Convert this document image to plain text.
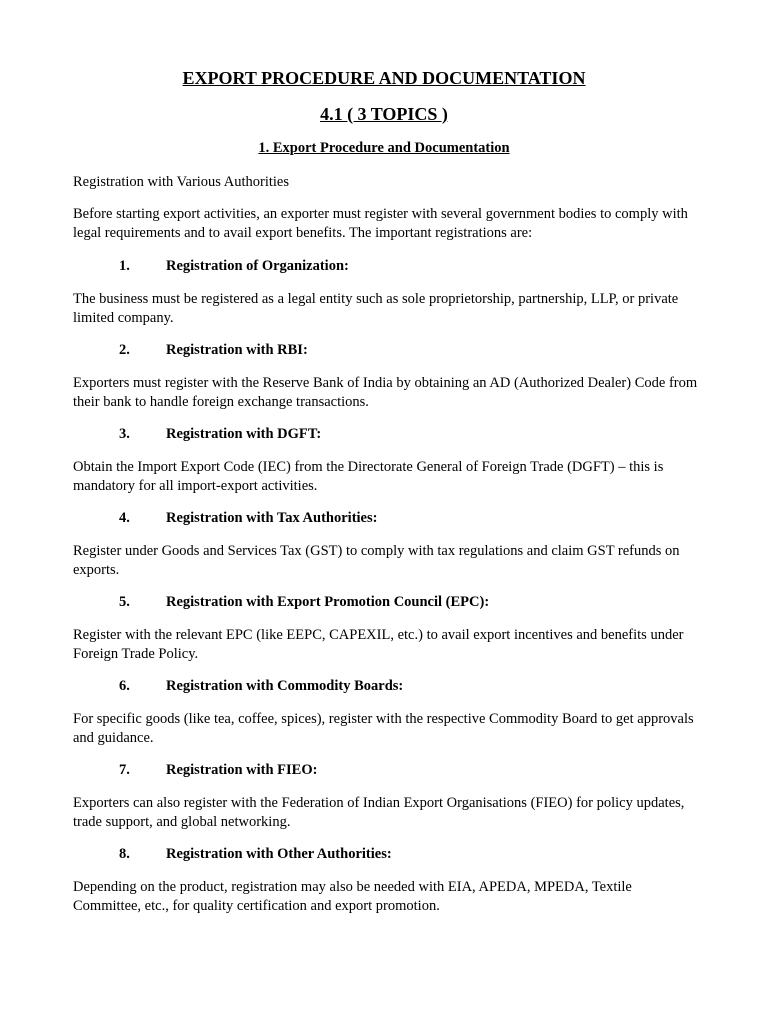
EXPORT PROCEDURE AND DOCUMENTATION
4.1 ( 3 TOPICS )
1. Export Procedure and Documentation

Registration with Various Authorities

Before starting export activities, an exporter must register with several government bodies to comply with legal requirements and to avail export benefits. The important registrations are:

1. Registration of Organization:

The business must be registered as a legal entity such as sole proprietorship, partnership, LLP, or private limited company.

2. Registration with RBI:

Exporters must register with the Reserve Bank of India by obtaining an AD (Authorized Dealer) Code from their bank to handle foreign exchange transactions.

3. Registration with DGFT:

Obtain the Import Export Code (IEC) from the Directorate General of Foreign Trade (DGFT) – this is mandatory for all import-export activities.

4. Registration with Tax Authorities:

Register under Goods and Services Tax (GST) to comply with tax regulations and claim GST refunds on exports.

5. Registration with Export Promotion Council (EPC):

Register with the relevant EPC (like EEPC, CAPEXIL, etc.) to avail export incentives and benefits under Foreign Trade Policy.

6. Registration with Commodity Boards:

For specific goods (like tea, coffee, spices), register with the respective Commodity Board to get approvals and guidance.

7. Registration with FIEO:

Exporters can also register with the Federation of Indian Export Organisations (FIEO) for policy updates, trade support, and global networking.

8. Registration with Other Authorities:

Depending on the product, registration may also be needed with EIA, APEDA, MPEDA, Textile Committee, etc., for quality certification and export promotion.
